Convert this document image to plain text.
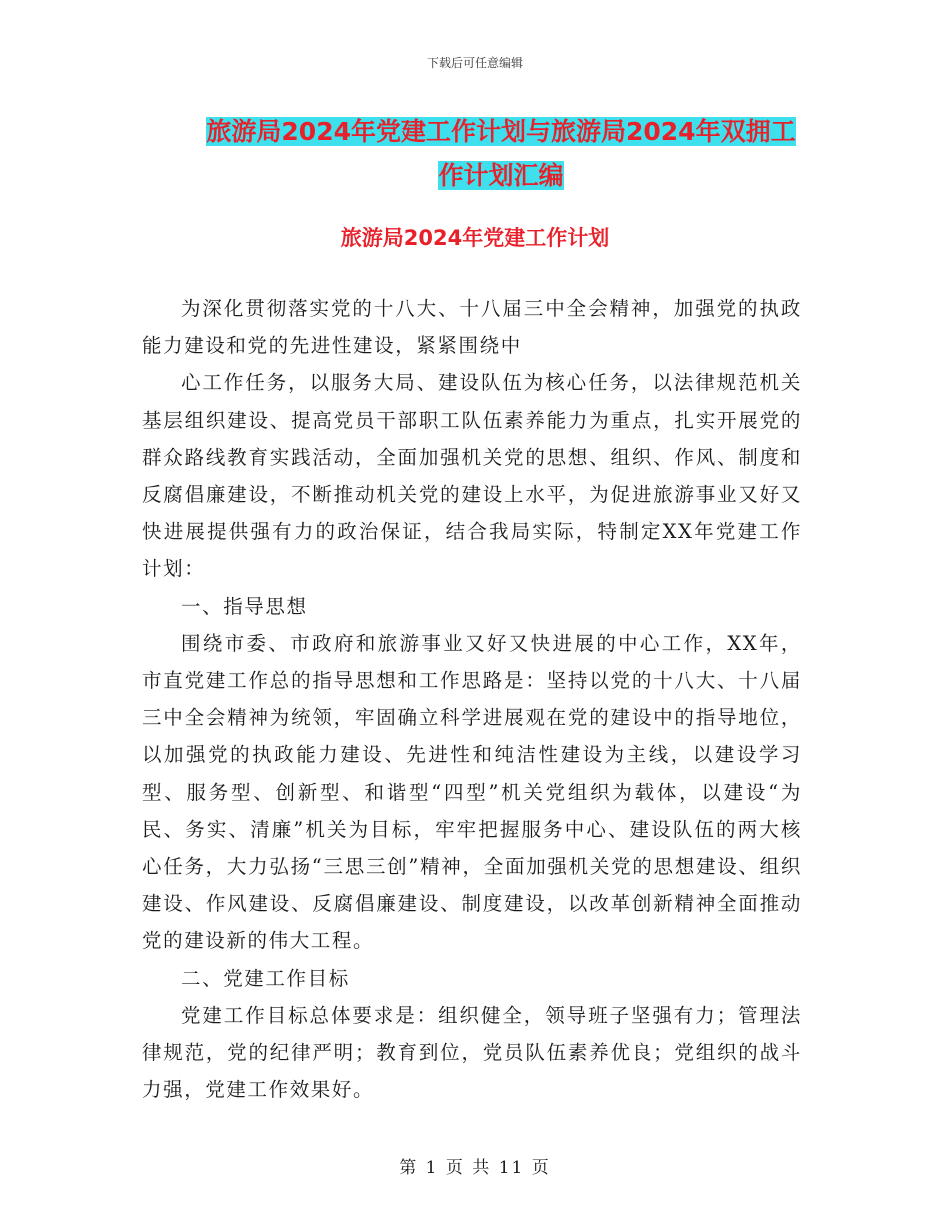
下载后可任意编辑
旅游局2024年党建工作计划与旅游局2024年双拥工
作计划汇编
旅游局2024年党建工作计划

为深化贯彻落实党的十八大、十八届三中全会精神，加强党的执政能力建设和党的先进性建设，紧紧围绕中

心工作任务，以服务大局、建设队伍为核心任务，以法律规范机关基层组织建设、提高党员干部职工队伍素养能力为重点，扎实开展党的群众路线教育实践活动，全面加强机关党的思想、组织、作风、制度和反腐倡廉建设，不断推动机关党的建设上水平，为促进旅游事业又好又快进展提供强有力的政治保证，结合我局实际，特制定XX年党建工作计划：

一、指导思想

围绕市委、市政府和旅游事业又好又快进展的中心工作，XX年，市直党建工作总的指导思想和工作思路是：坚持以党的十八大、十八届三中全会精神为统领，牢固确立科学进展观在党的建设中的指导地位，以加强党的执政能力建设、先进性和纯洁性建设为主线，以建设学习型、服务型、创新型、和谐型“四型”机关党组织为载体，以建设“为民、务实、清廉”机关为目标，牢牢把握服务中心、建设队伍的两大核心任务，大力弘扬“三思三创”精神，全面加强机关党的思想建设、组织建设、作风建设、反腐倡廉建设、制度建设，以改革创新精神全面推动党的建设新的伟大工程。

二、党建工作目标

党建工作目标总体要求是：组织健全，领导班子坚强有力；管理法律规范，党的纪律严明；教育到位，党员队伍素养优良；党组织的战斗力强，党建工作效果好。

第 1 页 共 11 页
